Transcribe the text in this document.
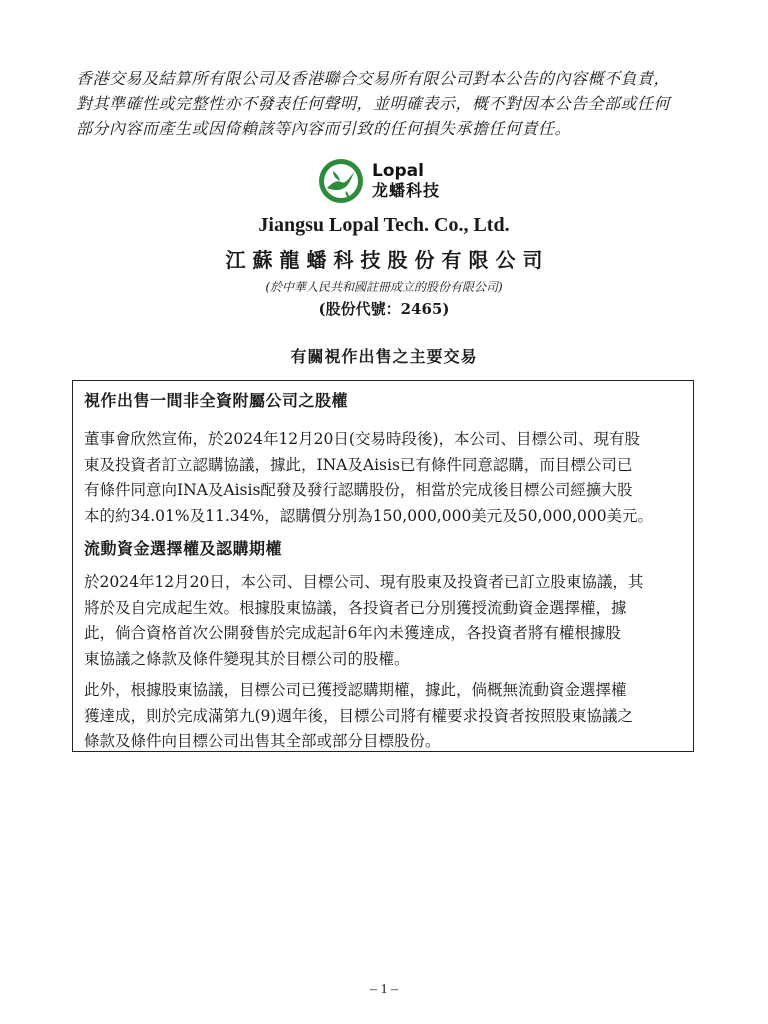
香港交易及結算所有限公司及香港聯合交易所有限公司對本公告的內容概不負責，

對其準確性或完整性亦不發表任何聲明，並明確表示，概不對因本公告全部或任何

部分內容而產生或因倚賴該等內容而引致的任何損失承擔任何責任。

Lopal
龙蟠科技
Jiangsu Lopal Tech. Co., Ltd.
江蘇龍蟠科技股份有限公司
(於中華人民共和國註冊成立的股份有限公司)
(股份代號：2465)
有關視作出售之主要交易
視作出售一間非全資附屬公司之股權
董事會欣然宣佈，於2024年12月20日(交易時段後)，本公司、目標公司、現有股
東及投資者訂立認購協議，據此，INA及Aisis已有條件同意認購，而目標公司已
有條件同意向INA及Aisis配發及發行認購股份，相當於完成後目標公司經擴大股
本的約34.01%及11.34%，認購價分別為150,000,000美元及50,000,000美元。
流動資金選擇權及認購期權
於2024年12月20日，本公司、目標公司、現有股東及投資者已訂立股東協議，其
將於及自完成起生效。根據股東協議，各投資者已分別獲授流動資金選擇權，據
此，倘合資格首次公開發售於完成起計6年內未獲達成，各投資者將有權根據股
東協議之條款及條件變現其於目標公司的股權。
此外，根據股東協議，目標公司已獲授認購期權，據此，倘概無流動資金選擇權
獲達成，則於完成滿第九(9)週年後，目標公司將有權要求投資者按照股東協議之
條款及條件向目標公司出售其全部或部分目標股份。
– 1 –
